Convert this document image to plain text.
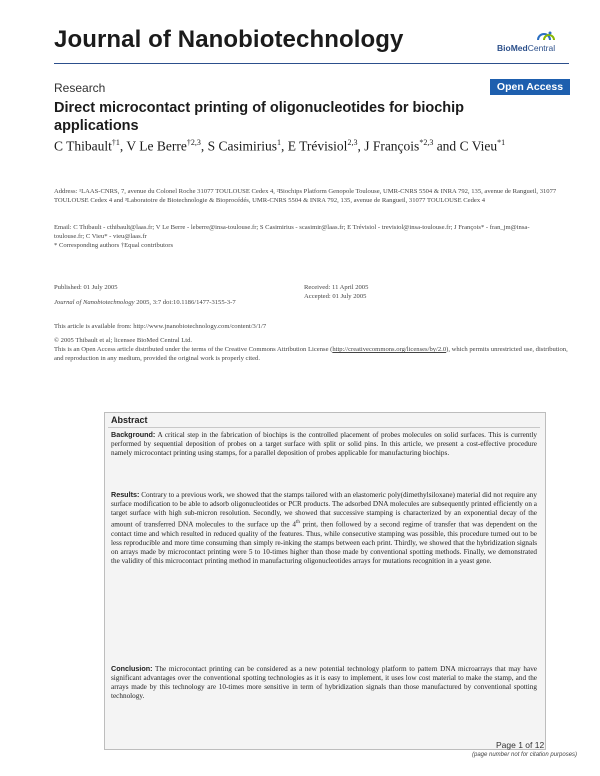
Journal of Nanobiotechnology	BioMedCentral
Research	Open Access
Direct microcontact printing of oligonucleotides for biochip applications
C Thibault$^{\dagger 1}$, V Le Berre$^{\dagger 2,3}$, S Casimirius$^1$, E Trévisiol$^{2,3}$, J François$^{*2,3}$ and C Vieu$^{*1}$
Address: ¹LAAS-CNRS, 7, avenue du Colonel Roche 31077 TOULOUSE Cedex 4, ²Biochips Platform Genopole Toulouse, UMR-CNRS 5504 & INRA 792, 135, avenue de Rangueil, 31077 TOULOUSE Cedex 4 and ³Laboratoire de Biotechnologie & Bioprocédés, UMR-CNRS 5504 & INRA 792, 135, avenue de Rangueil, 31077 TOULOUSE Cedex 4
Email: C Thibault - cthibault@laas.fr; V Le Berre - leberre@insa-toulouse.fr; S Casimirius - scasimir@laas.fr; E Trévisiol - trevisiol@insa-toulouse.fr; J François* - fran_jm@insa-toulouse.fr; C Vieu* - vieu@laas.fr
* Corresponding authors †Equal contributors
Published: 01 July 2005
Journal of Nanobiotechnology 2005, 3:7 doi:10.1186/1477-3155-3-7
Received: 11 April 2005
Accepted: 01 July 2005
This article is available from: http://www.jnanobiotechnology.com/content/3/1/7
© 2005 Thibault et al; licensee BioMed Central Ltd.
This is an Open Access article distributed under the terms of the Creative Commons Attribution License (http://creativecommons.org/licenses/by/2.0), which permits unrestricted use, distribution, and reproduction in any medium, provided the original work is properly cited.
Abstract
Background: A critical step in the fabrication of biochips is the controlled placement of probes molecules on solid surfaces. This is currently performed by sequential deposition of probes on a target surface with split or solid pins. In this article, we present a cost-effective procedure namely microcontact printing using stamps, for a parallel deposition of probes applicable for manufacturing biochips.
Results: Contrary to a previous work, we showed that the stamps tailored with an elastomeric poly(dimethylsiloxane) material did not require any surface modification to be able to adsorb oligonucleotides or PCR products. The adsorbed DNA molecules are subsequently printed efficiently on a target surface with high sub-micron resolution. Secondly, we showed that successive stamping is characterized by an exponential decay of the amount of transferred DNA molecules to the surface up the 4th print, then followed by a second regime of transfer that was dependent on the contact time and which resulted in reduced quality of the features. Thus, while consecutive stamping was possible, this procedure turned out to be less reproducible and more time consuming than simply re-inking the stamps between each print. Thirdly, we showed that the hybridization signals on arrays made by microcontact printing were 5 to 10-times higher than those made by conventional spotting methods. Finally, we demonstrated the validity of this microcontact printing method in manufacturing oligonucleotides arrays for mutations recognition in a yeast gene.
Conclusion: The microcontact printing can be considered as a new potential technology platform to pattern DNA microarrays that may have significant advantages over the conventional spotting technologies as it is easy to implement, it uses low cost material to make the stamp, and the arrays made by this technology are 10-times more sensitive in term of hybridization signals than those manufactured by conventional spotting technology.
Page 1 of 12
(page number not for citation purposes)
